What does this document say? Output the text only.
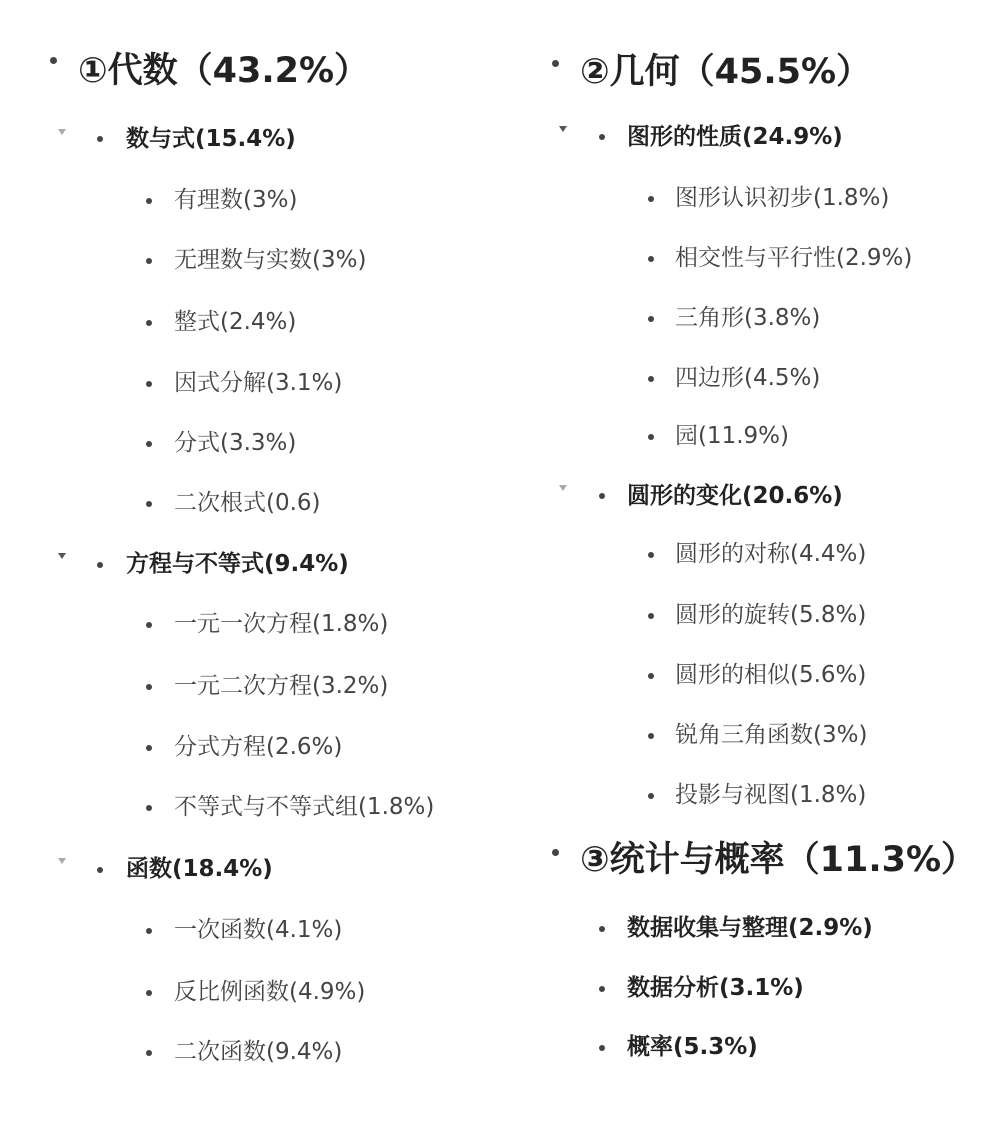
①代数（43.2%）
数与式(15.4%)
有理数(3%)
无理数与实数(3%)
整式(2.4%)
因式分解(3.1%)
分式(3.3%)
二次根式(0.6)
方程与不等式(9.4%)
一元一次方程(1.8%)
一元二次方程(3.2%)
分式方程(2.6%)
不等式与不等式组(1.8%)
函数(18.4%)
一次函数(4.1%)
反比例函数(4.9%)
二次函数(9.4%)
②几何（45.5%）
图形的性质(24.9%)
图形认识初步(1.8%)
相交性与平行性(2.9%)
三角形(3.8%)
四边形(4.5%)
园(11.9%)
圆形的变化(20.6%)
圆形的对称(4.4%)
圆形的旋转(5.8%)
圆形的相似(5.6%)
锐角三角函数(3%)
投影与视图(1.8%)
③统计与概率（11.3%）
数据收集与整理(2.9%)
数据分析(3.1%)
概率(5.3%)
